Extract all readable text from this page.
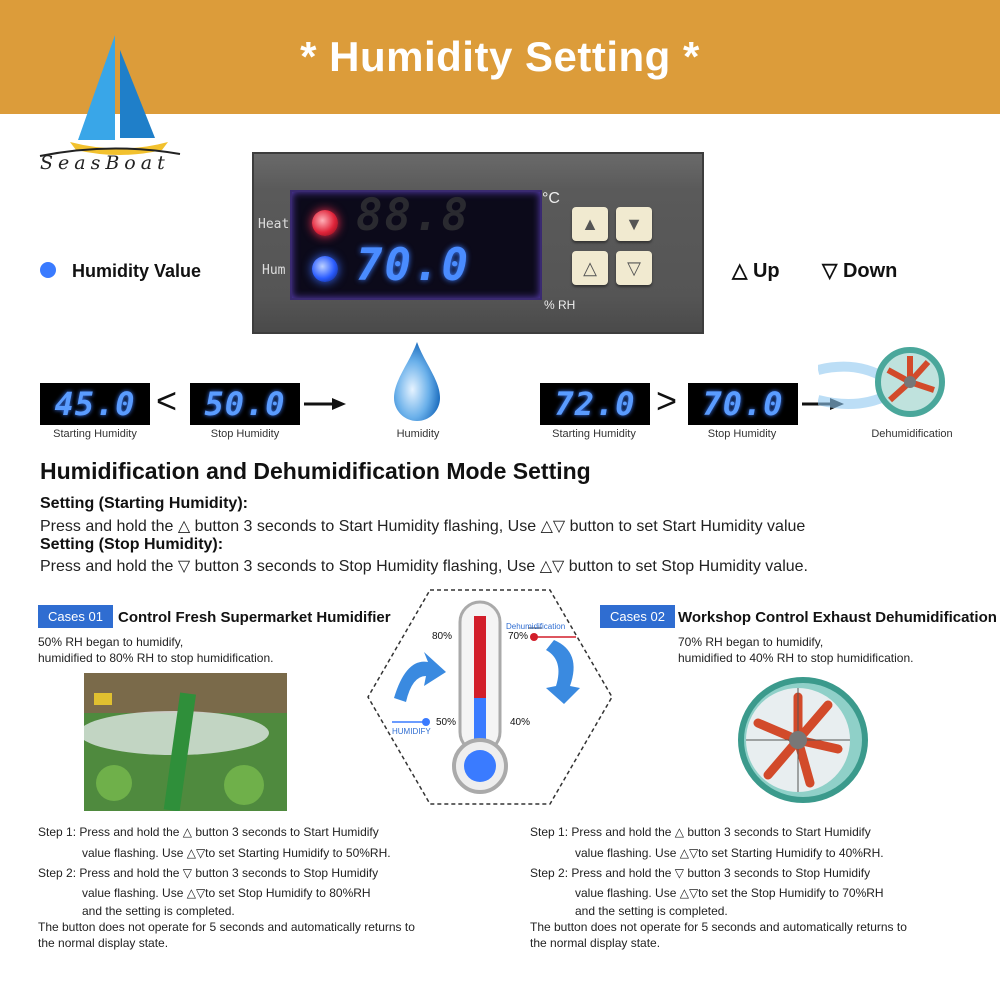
* Humidity Setting *
SeasBoat
Heat
Hum
88.8
70.0
°C
% RH
▲	▼
△	▽
Humidity Value	△ Up ▽ Down
45.0
Starting Humidity
< 50.0
Stop Humidity	Humidity
72.0
Starting Humidity
> 70.0
Stop Humidity	Dehumidification
Humidification and Dehumidification Mode Setting
Setting (Starting Humidity):
Press and hold the △ button 3 seconds to Start Humidity flashing, Use △▽ button to set Start Humidity value
Setting (Stop Humidity):
Press and hold the ▽ button 3 seconds to Stop Humidity flashing, Use △▽ button to set Stop Humidity value.
Cases 01	Control Fresh Supermarket Humidifier
50% RH began to humidify,
humidified to 80% RH to stop humidification.
Step 1: Press and hold the △ button 3 seconds to Start Humidify
value flashing. Use △▽to set Starting Humidify to 50%RH.
Step 2: Press and hold the ▽ button 3 seconds to Stop Humidify
value flashing. Use △▽to set Stop Humidify to 80%RH
and the setting is completed.
The button does not operate for 5 seconds and automatically returns to
the normal display state.
80%	70%
50%	40%
HUMIDIFY
Dehumidification
Cases 02 Workshop Control Exhaust Dehumidification
70% RH began to humidify,
humidified to 40% RH to stop humidification.
Step 1: Press and hold the △ button 3 seconds to Start Humidify
value flashing. Use △▽to set Starting Humidify to 40%RH.
Step 2: Press and hold the ▽ button 3 seconds to Stop Humidify
value flashing. Use △▽to set the Stop Humidify to 70%RH
and the setting is completed.
The button does not operate for 5 seconds and automatically returns to
the normal display state.
